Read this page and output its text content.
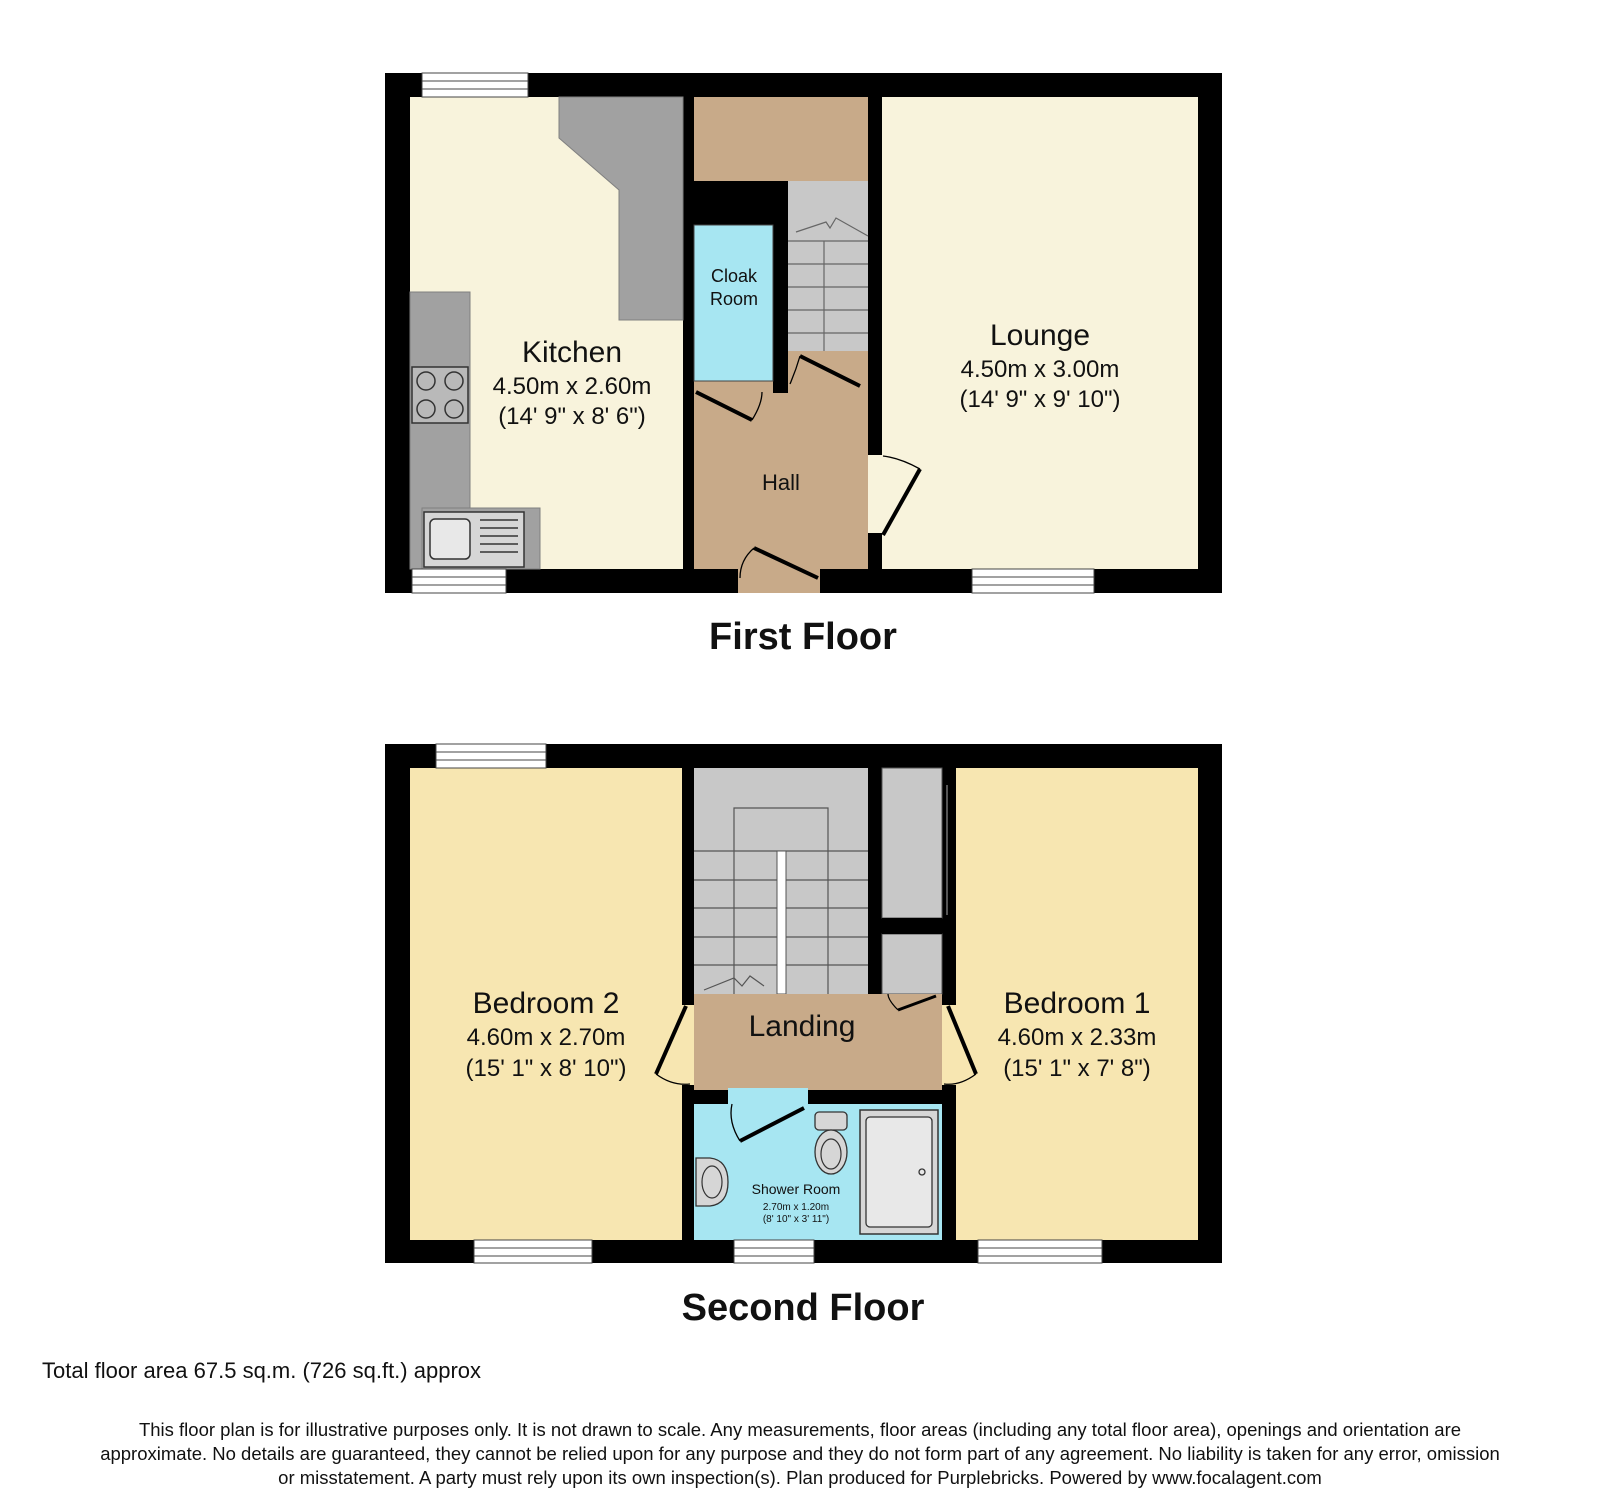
Kitchen
4.50m x 2.60m
(14' 9" x 8' 6")
Cloak
Room
Hall
Lounge
4.50m x 3.00m
(14' 9" x 9' 10")
First Floor
Bedroom 2
4.60m x 2.70m
(15' 1" x 8' 10")
Landing
Bedroom 1
4.60m x 2.33m
(15' 1" x 7' 8")
Shower Room
2.70m x 1.20m
(8' 10" x 3' 11")
Second Floor
Total floor area 67.5 sq.m. (726 sq.ft.) approx
This floor plan is for illustrative purposes only. It is not drawn to scale. Any measurements, floor areas (including any total floor area), openings and orientation are
approximate. No details are guaranteed, they cannot be relied upon for any purpose and they do not form part of any agreement. No liability is taken for any error, omission
or misstatement. A party must rely upon its own inspection(s). Plan produced for Purplebricks. Powered by www.focalagent.com
